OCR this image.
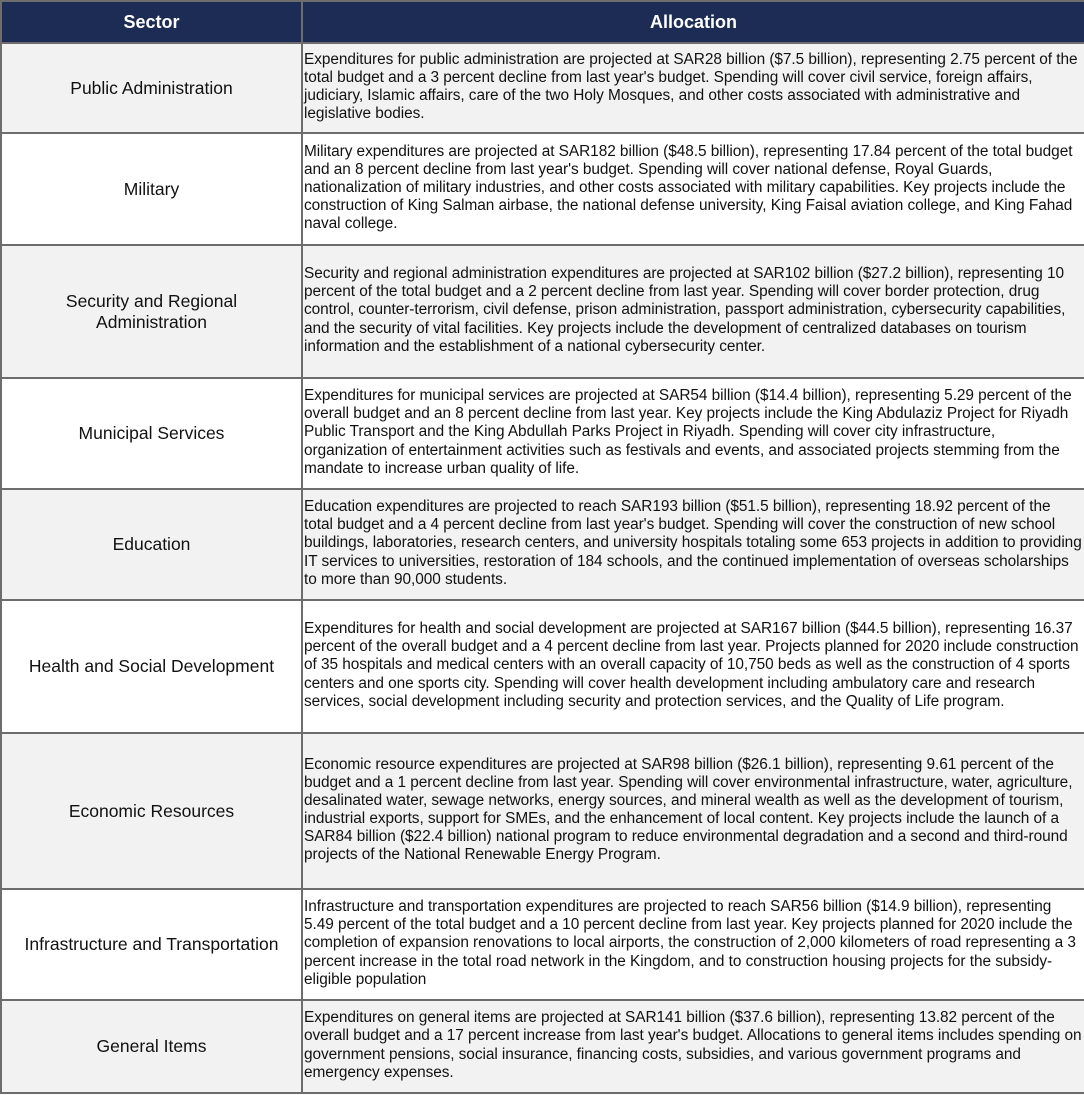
Sector	Allocation
Public Administration	Expenditures for public administration are projected at SAR28 billion ($7.5 billion), representing 2.75 percent of the total budget and a 3 percent decline from last year's budget. Spending will cover civil service, foreign affairs, judiciary, Islamic affairs, care of the two Holy Mosques, and other costs associated with administrative and legislative bodies.
Military	Military expenditures are projected at SAR182 billion ($48.5 billion), representing 17.84 percent of the total budget and an 8 percent decline from last year's budget. Spending will cover national defense, Royal Guards, nationalization of military industries, and other costs associated with military capabilities. Key projects include the construction of King Salman airbase, the national defense university, King Faisal aviation college, and King Fahad naval college.
Security and Regional Administration	Security and regional administration expenditures are projected at SAR102 billion ($27.2 billion), representing 10 percent of the total budget and a 2 percent decline from last year. Spending will cover border protection, drug control, counter-terrorism, civil defense, prison administration, passport administration, cybersecurity capabilities, and the security of vital facilities. Key projects include the development of centralized databases on tourism information and the establishment of a national cybersecurity center.
Municipal Services	Expenditures for municipal services are projected at SAR54 billion ($14.4 billion), representing 5.29 percent of the overall budget and an 8 percent decline from last year. Key projects include the King Abdulaziz Project for Riyadh Public Transport and the King Abdullah Parks Project in Riyadh. Spending will cover city infrastructure, organization of entertainment activities such as festivals and events, and associated projects stemming from the mandate to increase urban quality of life.
Education	Education expenditures are projected to reach SAR193 billion ($51.5 billion), representing 18.92 percent of the total budget and a 4 percent decline from last year's budget. Spending will cover the construction of new school buildings, laboratories, research centers, and university hospitals totaling some 653 projects in addition to providing IT services to universities, restoration of 184 schools, and the continued implementation of overseas scholarships to more than 90,000 students.
Health and Social Development	Expenditures for health and social development are projected at SAR167 billion ($44.5 billion), representing 16.37 percent of the overall budget and a 4 percent decline from last year. Projects planned for 2020 include construction of 35 hospitals and medical centers with an overall capacity of 10,750 beds as well as the construction of 4 sports centers and one sports city. Spending will cover health development including ambulatory care and research services, social development including security and protection services, and the Quality of Life program.
Economic Resources	Economic resource expenditures are projected at SAR98 billion ($26.1 billion), representing 9.61 percent of the budget and a 1 percent decline from last year. Spending will cover environmental infrastructure, water, agriculture, desalinated water, sewage networks, energy sources, and mineral wealth as well as the development of tourism, industrial exports, support for SMEs, and the enhancement of local content. Key projects include the launch of a SAR84 billion ($22.4 billion) national program to reduce environmental degradation and a second and third-round projects of the National Renewable Energy Program.
Infrastructure and Transportation	Infrastructure and transportation expenditures are projected to reach SAR56 billion ($14.9 billion), representing 5.49 percent of the total budget and a 10 percent decline from last year. Key projects planned for 2020 include the completion of expansion renovations to local airports, the construction of 2,000 kilometers of road representing a 3 percent increase in the total road network in the Kingdom, and to construction housing projects for the subsidy-eligible population
General Items	Expenditures on general items are projected at SAR141 billion ($37.6 billion), representing 13.82 percent of the overall budget and a 17 percent increase from last year's budget. Allocations to general items includes spending on government pensions, social insurance, financing costs, subsidies, and various government programs and emergency expenses.
